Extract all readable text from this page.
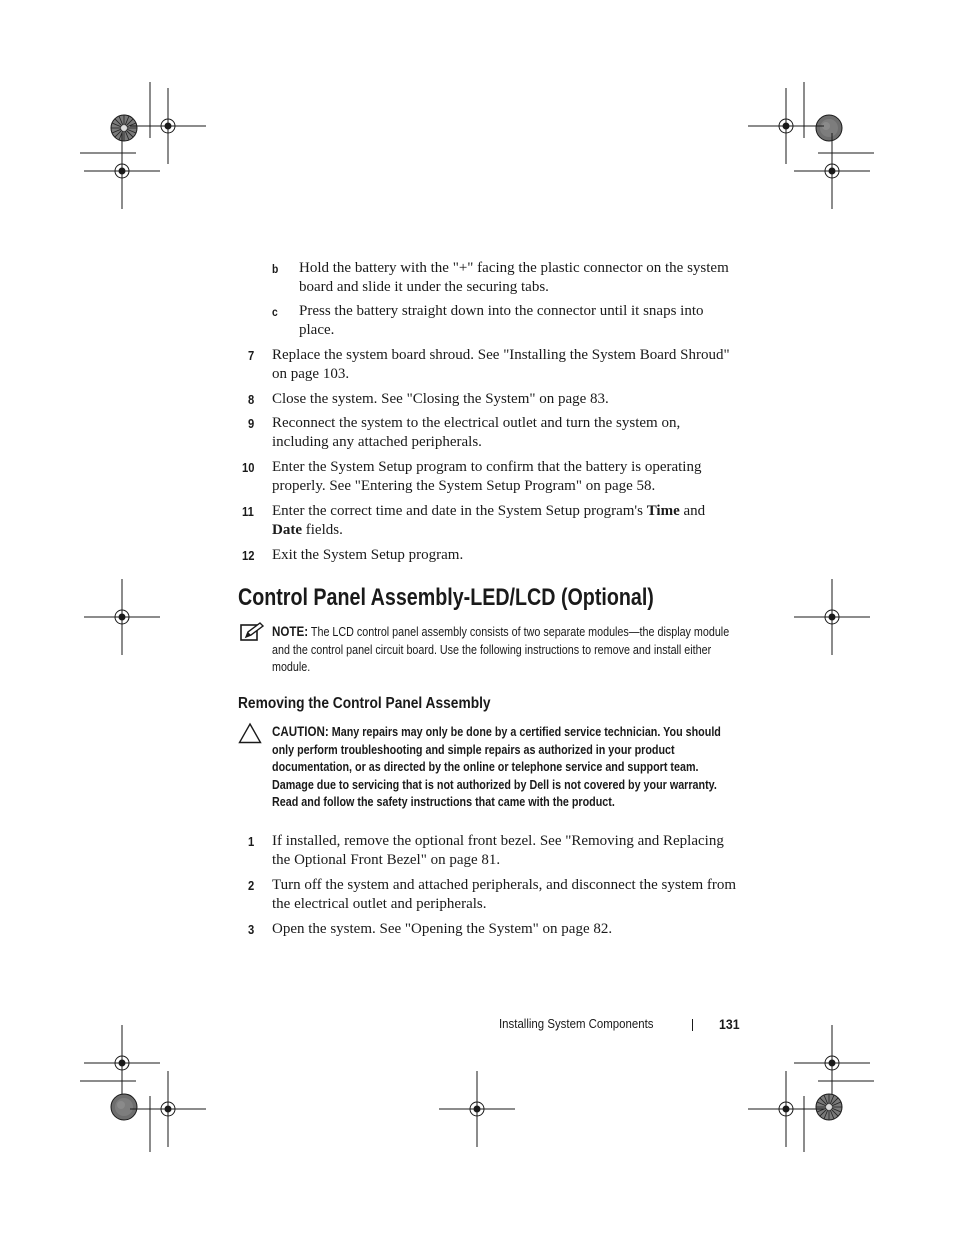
b Hold the battery with the "+" facing the plastic connector on the system board and slide it under the securing tabs.
c Press the battery straight down into the connector until it snaps into place.
7 Replace the system board shroud. See "Installing the System Board Shroud" on page 103.
8 Close the system. See "Closing the System" on page 83.
9 Reconnect the system to the electrical outlet and turn the system on, including any attached peripherals.
10 Enter the System Setup program to confirm that the battery is operating properly. See "Entering the System Setup Program" on page 58.
11 Enter the correct time and date in the System Setup program's Time and Date fields.
12 Exit the System Setup program.
Control Panel Assembly-LED/LCD (Optional)
NOTE: The LCD control panel assembly consists of two separate modules—the display module and the control panel circuit board. Use the following instructions to remove and install either module.
Removing the Control Panel Assembly
CAUTION: Many repairs may only be done by a certified service technician. You should only perform troubleshooting and simple repairs as authorized in your product documentation, or as directed by the online or telephone service and support team. Damage due to servicing that is not authorized by Dell is not covered by your warranty. Read and follow the safety instructions that came with the product.
1 If installed, remove the optional front bezel. See "Removing and Replacing the Optional Front Bezel" on page 81.
2 Turn off the system and attached peripherals, and disconnect the system from the electrical outlet and peripherals.
3 Open the system. See "Opening the System" on page 82.
Installing System Components	131
